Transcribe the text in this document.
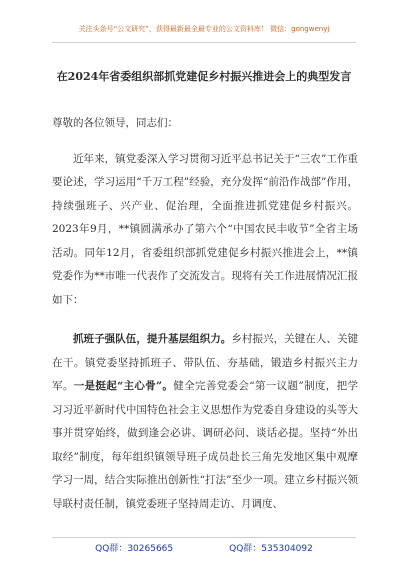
关注头条号“公文研究”，获得最新最全最专业的公文资料库！ 微信：gongwenyj
在2024年省委组织部抓党建促乡村振兴推进会上的典型发言

尊敬的各位领导，同志们：

近年来，镇党委深入学习贯彻习近平总书记关于“三农”工作重要论述，学习运用“千万工程”经验，充分发挥“前沿作战部”作用，持续强班子、兴产业、促治理，全面推进抓党建促乡村振兴。2023年9月，**镇圆满承办了第六个“中国农民丰收节”全省主场活动。同年12月，省委组织部抓党建促乡村振兴推进会上，**镇党委作为**市唯一代表作了交流发言。现将有关工作进展情况汇报如下：

抓班子强队伍，提升基层组织力。乡村振兴，关键在人、关键在干。镇党委坚持抓班子、带队伍、夯基础，锻造乡村振兴主力军。一是挺起“主心骨”。健全完善党委会“第一议题”制度，把学习习近平新时代中国特色社会主义思想作为党委自身建设的头等大事并贯穿始终，做到逢会必讲、调研必问、谈话必提。坚持“外出取经”制度，每年组织镇领导班子成员赴长三角先发地区集中观摩学习一周，结合实际推出创新性“打法”至少一项。建立乡村振兴领导联村责任制，镇党委班子坚持周走访、月调度、

QQ群：30265665	QQ群：535304092
